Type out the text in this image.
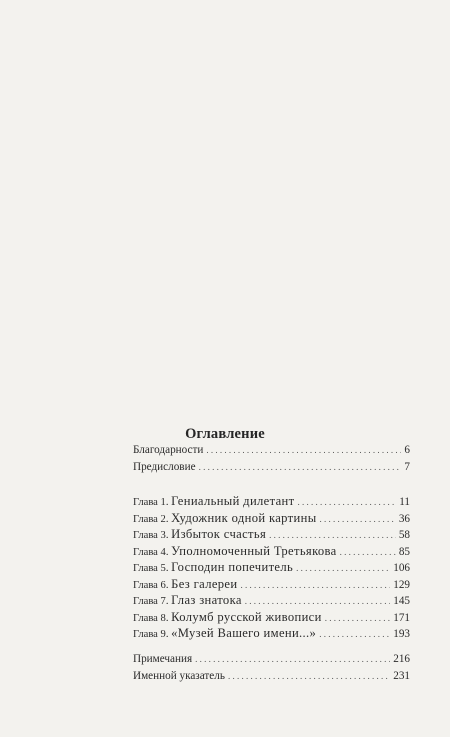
Оглавление
Благодарности . . .	6
Предисловие . . .	7
Глава 1. Гениальный дилетант . . .	11
Глава 2. Художник одной картины . . .	36
Глава 3. Избыток счастья . . .	58
Глава 4. Уполномоченный Третьякова . . .	85
Глава 5. Господин попечитель . . .	106
Глава 6. Без галереи . . .	129
Глава 7. Глаз знатока . . .	145
Глава 8. Колумб русской живописи . . .	171
Глава 9. «Музей Вашего имени...» . . .	193
Примечания . . .	216
Именной указатель . . .	231
